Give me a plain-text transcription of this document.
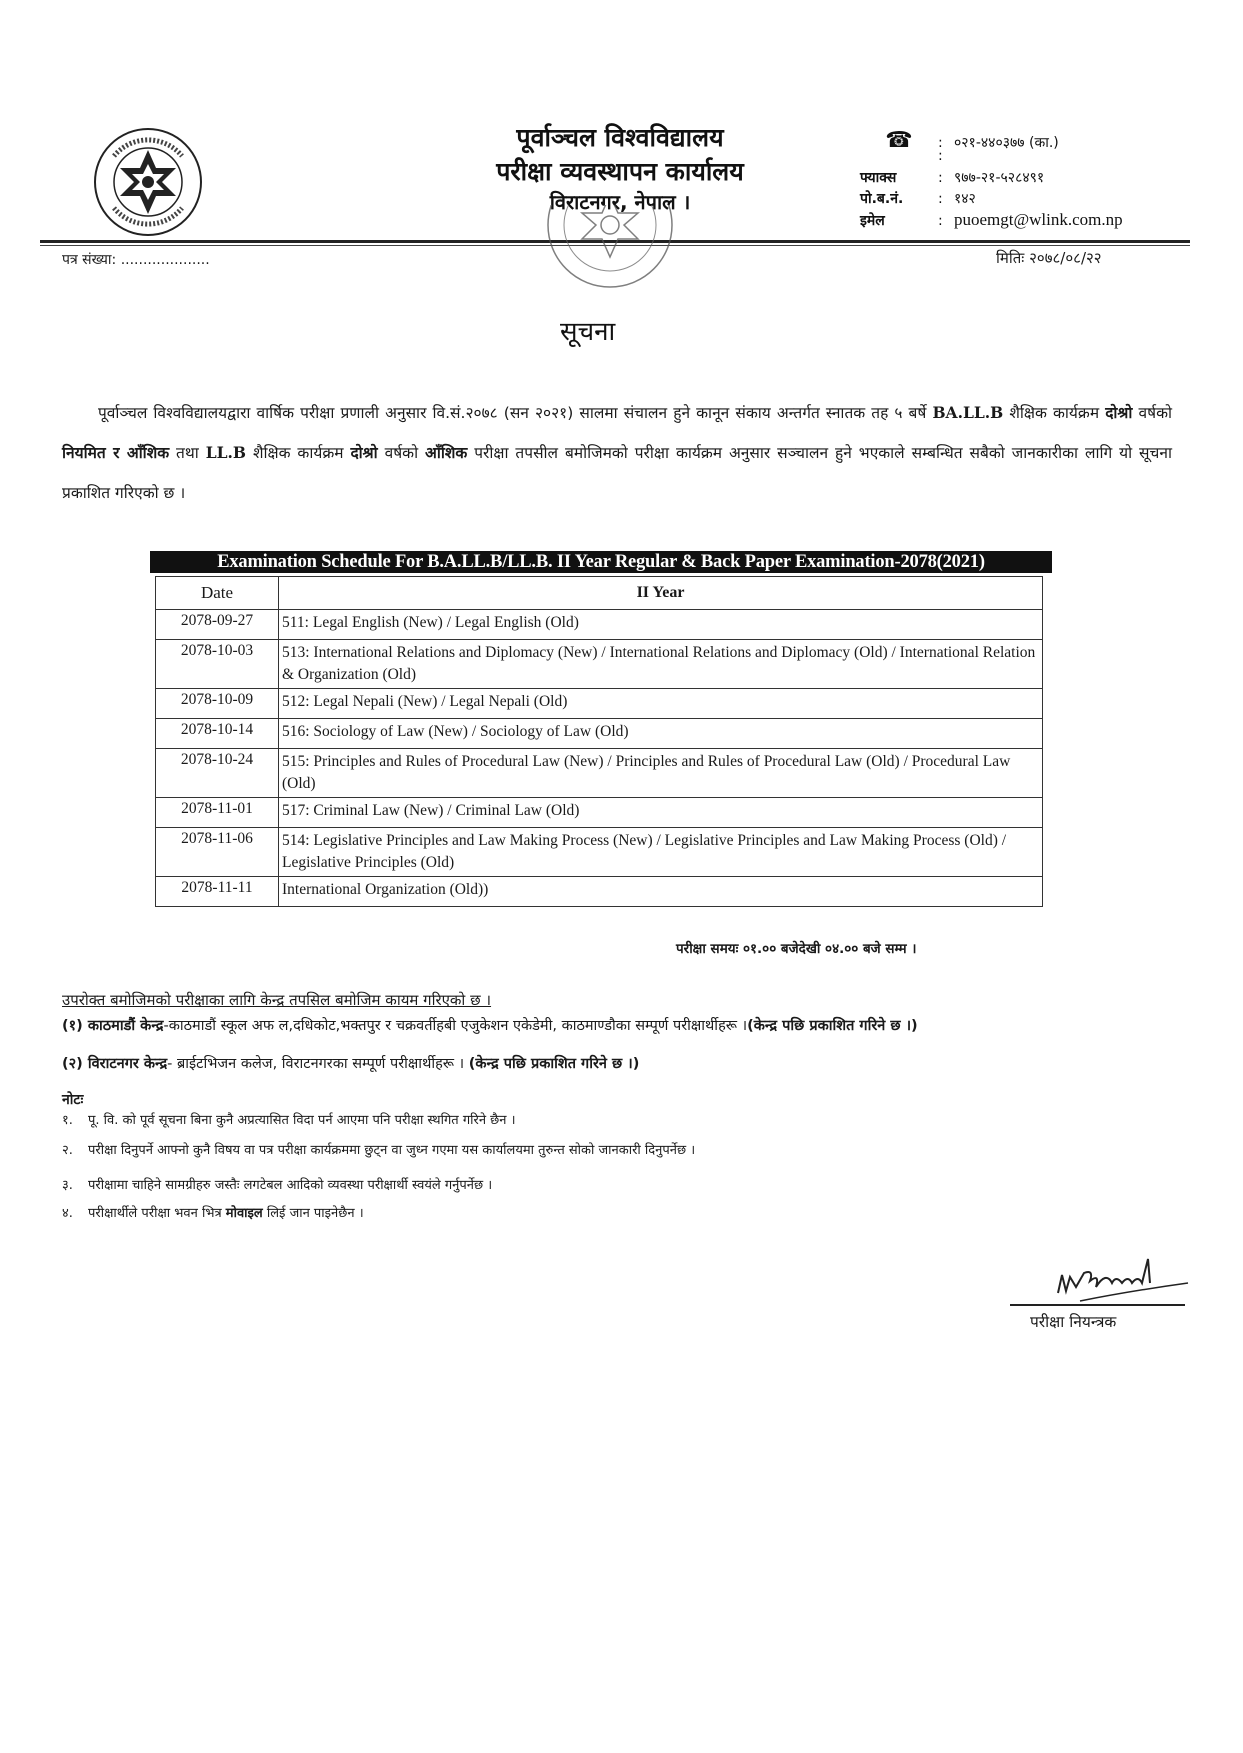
पूर्वाञ्चल विश्वविद्यालय
परीक्षा व्यवस्थापन कार्यालय
विराटनगर, नेपाल ।
☎ : ०२१-४४०३७७ (का.)
:
फ्याक्स	: ९७७-२१-५२८४९१
पो.ब.नं. : १४२
इमेल	: puoemgt@wlink.com.np
पत्र संख्या: ....................	मितिः २०७८/०८/२२
सूचना
पूर्वाञ्चल विश्वविद्यालयद्वारा वार्षिक परीक्षा प्रणाली अनुसार वि.सं.२०७८ (सन २०२१) सालमा संचालन हुने कानून संकाय अन्तर्गत स्नातक तह ५ बर्षे BA.LL.B शैक्षिक कार्यक्रम दोश्रो वर्षको नियमित र आँशिक तथा LL.B शैक्षिक कार्यक्रम दोश्रो वर्षको आँशिक परीक्षा तपसील बमोजिमको परीक्षा कार्यक्रम अनुसार सञ्चालन हुने भएकाले सम्बन्धित सबैको जानकारीका लागि यो सूचना प्रकाशित गरिएको छ ।
Examination Schedule For B.A.LL.B/LL.B. II Year Regular & Back Paper Examination-2078(2021)
Date	II Year
2078-09-27	511: Legal English (New) / Legal English (Old)
2078-10-03	513: International Relations and Diplomacy (New) / International Relations and Diplomacy (Old) / International Relation & Organization (Old)
2078-10-09	512: Legal Nepali (New) / Legal Nepali (Old)
2078-10-14	516: Sociology of Law (New) / Sociology of Law (Old)
2078-10-24	515: Principles and Rules of Procedural Law (New) / Principles and Rules of Procedural Law (Old) / Procedural Law (Old)
2078-11-01	517: Criminal Law (New) / Criminal Law (Old)
2078-11-06	514: Legislative Principles and Law Making Process (New) / Legislative Principles and Law Making Process (Old) / Legislative Principles (Old)
2078-11-11	International Organization (Old))
परीक्षा समयः ०१.०० बजेदेखी ०४.०० बजे सम्म ।
उपरोक्त बमोजिमको परीक्षाका लागि केन्द्र तपसिल बमोजिम कायम गरिएको छ ।
(१) काठमाडौं केन्द्र-काठमाडौं स्कूल अफ ल,दधिकोट,भक्तपुर र चक्रवर्तीहबी एजुकेशन एकेडेमी, काठमाण्डौका सम्पूर्ण परीक्षार्थीहरू ।(केन्द्र पछि प्रकाशित गरिने छ ।)
(२) विराटनगर केन्द्र- ब्राईटभिजन कलेज, विराटनगरका सम्पूर्ण परीक्षार्थीहरू । (केन्द्र पछि प्रकाशित गरिने छ ।)
नोटः
१. पू. वि. को पूर्व सूचना बिना कुनै अप्रत्यासित विदा पर्न आएमा पनि परीक्षा स्थगित गरिने छैन ।
२. परीक्षा दिनुपर्ने आफ्नो कुनै विषय वा पत्र परीक्षा कार्यक्रममा छुट्न वा जुध्न गएमा यस कार्यालयमा तुरुन्त सोको जानकारी दिनुपर्नेछ ।
३. परीक्षामा चाहिने सामग्रीहरु जस्तैः लगटेबल आदिको व्यवस्था परीक्षार्थी स्वयंले गर्नुपर्नेछ ।
४. परीक्षार्थीले परीक्षा भवन भित्र मोवाइल लिई जान पाइनेछैन ।
परीक्षा नियन्त्रक
